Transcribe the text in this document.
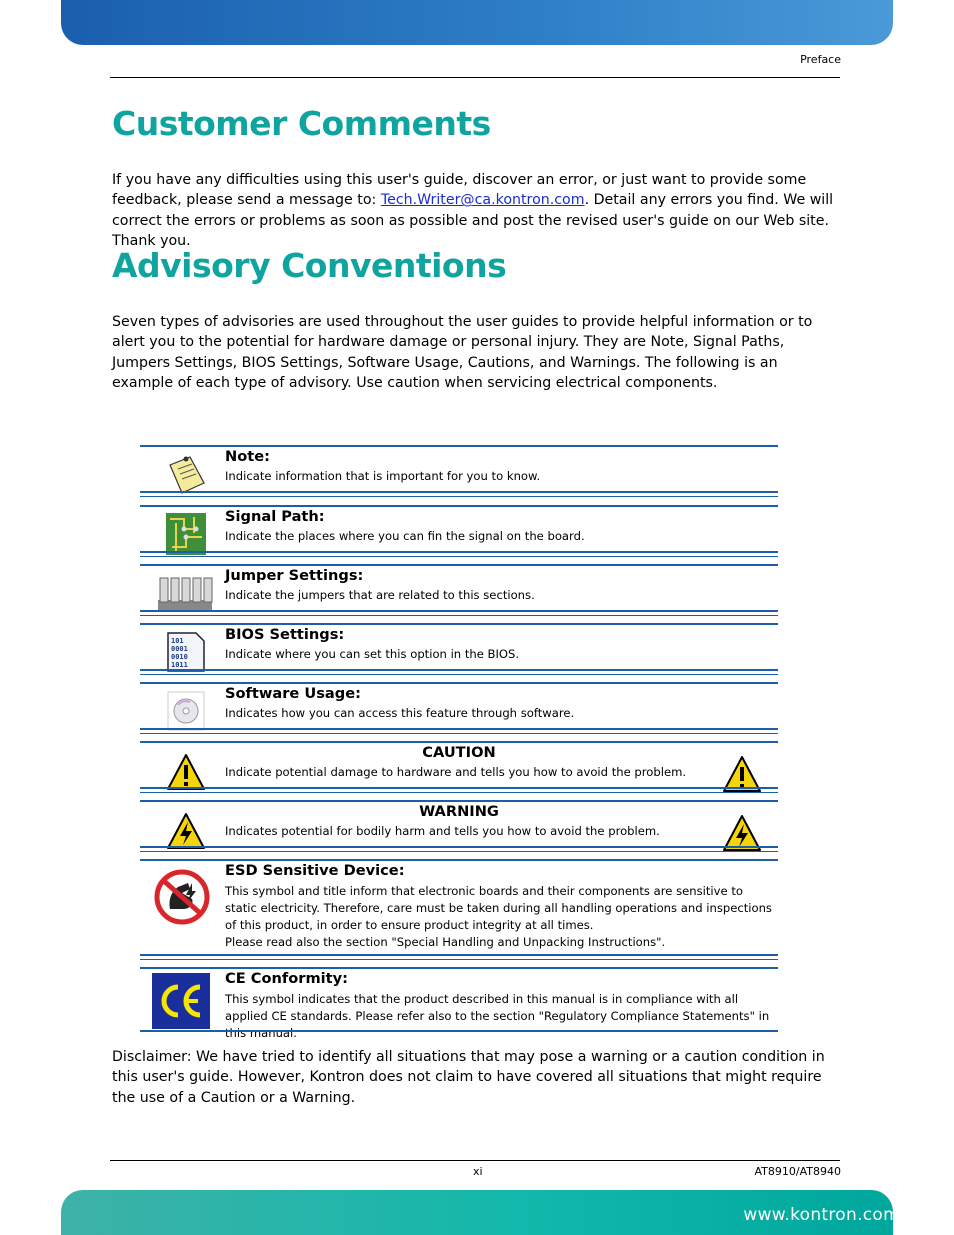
Preface
Customer Comments
If you have any difficulties using this user's guide, discover an error, or just want to provide some feedback, please send a message to: Tech.Writer@ca.kontron.com. Detail any errors you find. We will correct the errors or problems as soon as possible and post the revised user's guide on our Web site. Thank you.
Advisory Conventions
Seven types of advisories are used throughout the user guides to provide helpful information or to alert you to the potential for hardware damage or personal injury. They are Note, Signal Paths, Jumpers Settings, BIOS Settings, Software Usage, Cautions, and Warnings. The following is an example of each type of advisory. Use caution when servicing electrical components.
Note:
Indicate information that is important for you to know.
Signal Path:
Indicate the places where you can fin the signal on the board.
Jumper Settings:
Indicate the jumpers that are related to this sections.
101
0001
0010
1011
BIOS Settings:
Indicate where you can set this option in the BIOS.
Software Usage:
Indicates how you can access this feature through software.
CAUTION
Indicate potential damage to hardware and tells you how to avoid the problem.
WARNING
Indicates potential for bodily harm and tells you how to avoid the problem.
ESD Sensitive Device:
This symbol and title inform that electronic boards and their components are sensitive to static electricity. Therefore, care must be taken during all handling operations and inspections of this product, in order to ensure product integrity at all times.
Please read also the section "Special Handling and Unpacking Instructions".
CE Conformity:
This symbol indicates that the product described in this manual is in compliance with all applied CE standards. Please refer also to the section "Regulatory Compliance Statements" in this manual.
Disclaimer: We have tried to identify all situations that may pose a warning or a caution condition in this user's guide. However, Kontron does not claim to have covered all situations that might require the use of a Caution or a Warning.
xi	AT8910/AT8940
www.kontron.com
